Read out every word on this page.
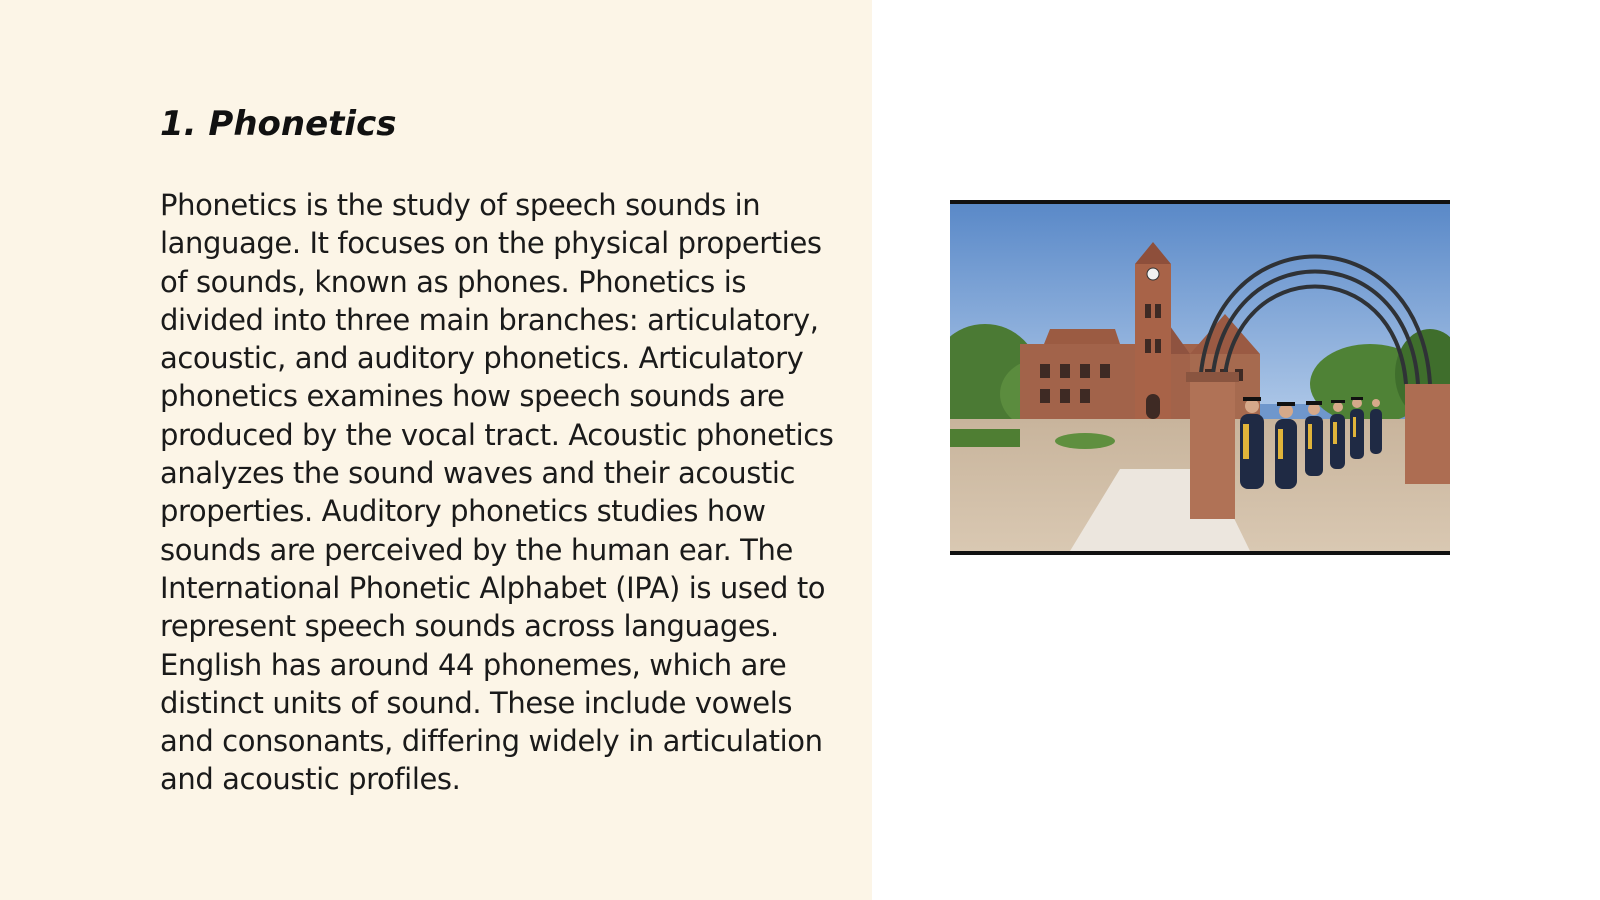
1. Phonetics

Phonetics is the study of speech sounds in language. It focuses on the physical properties of sounds, known as phones. Phonetics is divided into three main branches: articulatory, acoustic, and auditory phonetics. Articulatory phonetics examines how speech sounds are produced by the vocal tract. Acoustic phonetics analyzes the sound waves and their acoustic properties. Auditory phonetics studies how sounds are perceived by the human ear. The International Phonetic Alphabet (IPA) is used to represent speech sounds across languages. English has around 44 phonemes, which are distinct units of sound. These include vowels and consonants, differing widely in articulation and acoustic profiles.
